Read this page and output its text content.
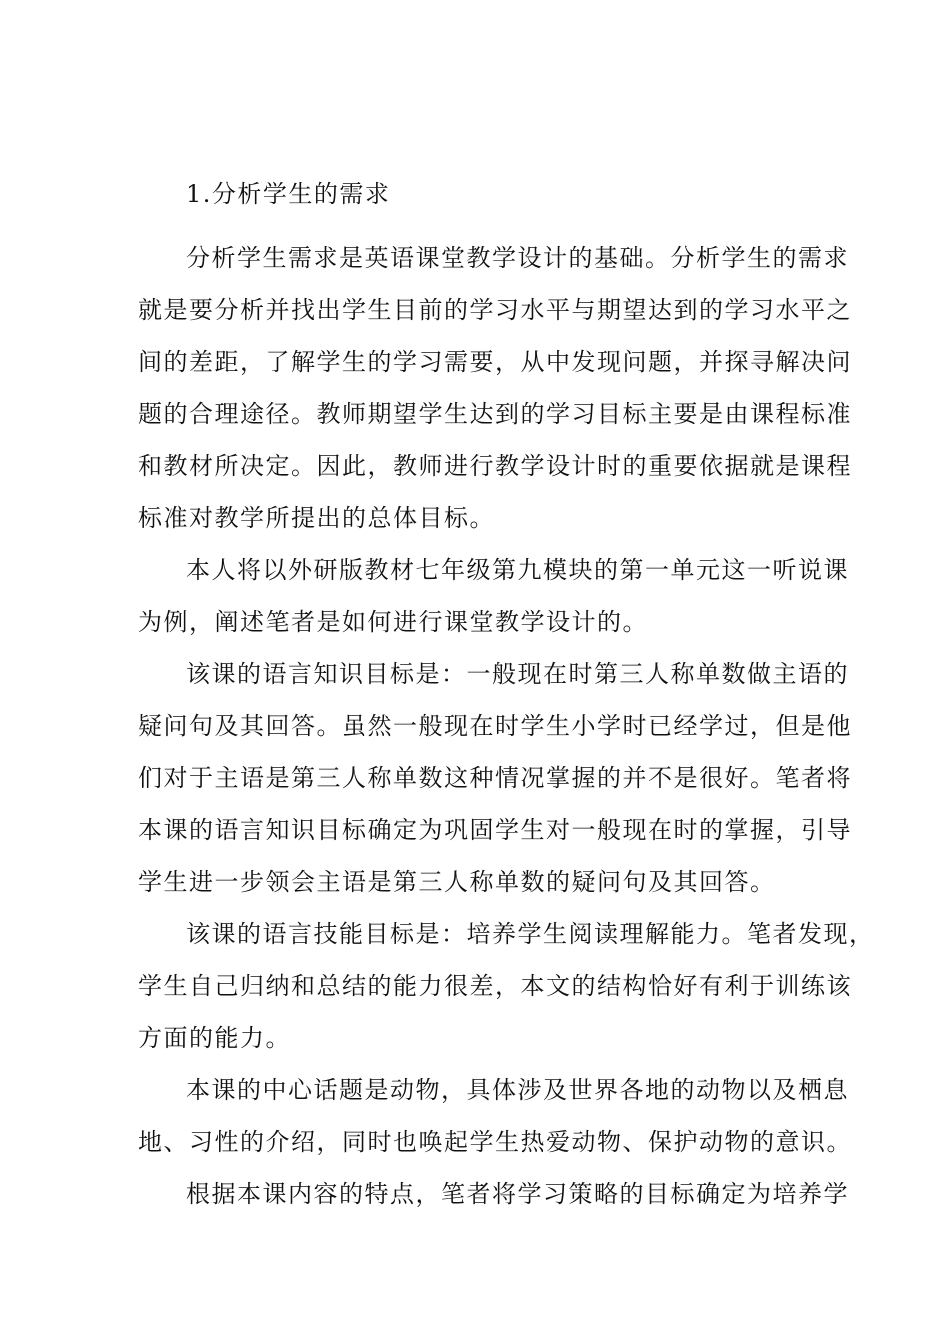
1.分析学生的需求
分析学生需求是英语课堂教学设计的基础。分析学生的需求
就是要分析并找出学生目前的学习水平与期望达到的学习水平之
间的差距，了解学生的学习需要，从中发现问题，并探寻解决问
题的合理途径。教师期望学生达到的学习目标主要是由课程标准
和教材所决定。因此，教师进行教学设计时的重要依据就是课程
标准对教学所提出的总体目标。
本人将以外研版教材七年级第九模块的第一单元这一听说课
为例，阐述笔者是如何进行课堂教学设计的。
该课的语言知识目标是：一般现在时第三人称单数做主语的
疑问句及其回答。虽然一般现在时学生小学时已经学过，但是他
们对于主语是第三人称单数这种情况掌握的并不是很好。笔者将
本课的语言知识目标确定为巩固学生对一般现在时的掌握，引导
学生进一步领会主语是第三人称单数的疑问句及其回答。
该课的语言技能目标是：培养学生阅读理解能力。笔者发现，
学生自己归纳和总结的能力很差，本文的结构恰好有利于训练该
方面的能力。
本课的中心话题是动物，具体涉及世界各地的动物以及栖息
地、习性的介绍，同时也唤起学生热爱动物、保护动物的意识。
根据本课内容的特点，笔者将学习策略的目标确定为培养学
